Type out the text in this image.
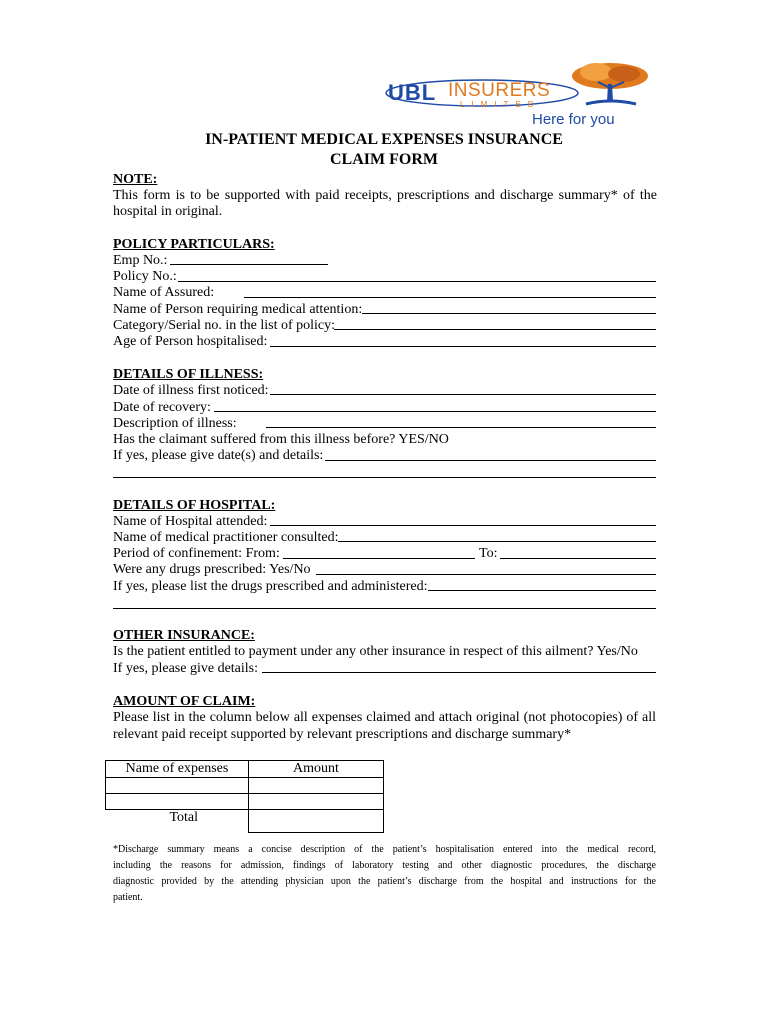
UBL INSURERS
LIMITED
Here for you
IN-PATIENT MEDICAL EXPENSES INSURANCE
CLAIM FORM
NOTE:
This form is to be supported with paid receipts, prescriptions and discharge summary* of the
hospital in original.
POLICY PARTICULARS:
Emp No.:
Policy No.:
Name of Assured:
Name of Person requiring medical attention:
Category/Serial no. in the list of policy:
Age of Person hospitalised:
DETAILS OF ILLNESS:
Date of illness first noticed:
Date of recovery:
Description of illness:
Has the claimant suffered from this illness before? YES/NO
If yes, please give date(s) and details:
DETAILS OF HOSPITAL:
Name of Hospital attended:
Name of medical practitioner consulted:
Period of confinement: From:	To:
Were any drugs prescribed: Yes/No
If yes, please list the drugs prescribed and administered:
OTHER INSURANCE:
Is the patient entitled to payment under any other insurance in respect of this ailment? Yes/No
If yes, please give details:
AMOUNT OF CLAIM:
Please list in the column below all expenses claimed and attach original (not photocopies) of all
relevant paid receipt supported by relevant prescriptions and discharge summary*
Name of expenses	Amount

Total	
*Discharge summary means a concise description of the patient’s hospitalisation entered into the medical record,
including the reasons for admission, findings of laboratory testing and other diagnostic procedures, the discharge
diagnostic provided by the attending physician upon the patient’s discharge from the hospital and instructions for the
patient.
